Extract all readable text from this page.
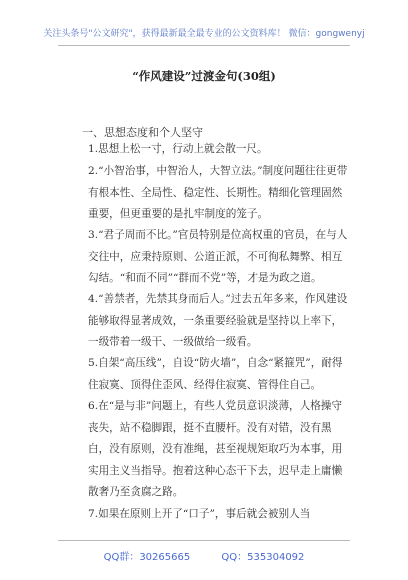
关注头条号"公文研究"，获得最新最全最专业的公文资料库！ 微信：gongwenyj
“作风建设”过渡金句(30组)
一、思想态度和个人坚守
1.思想上松一寸，行动上就会散一尺。
2.“小智治事，中智治人，大智立法。”制度问题往往更带有根本性、全局性、稳定性、长期性。精细化管理固然重要，但更重要的是扎牢制度的笼子。
3.“君子周而不比。”官员特别是位高权重的官员，在与人交往中，应秉持原则、公道正派，不可徇私舞弊、相互勾结。“和而不同”“群而不党”等，才是为政之道。
4.“善禁者，先禁其身而后人。”过去五年多来，作风建设能够取得显著成效，一条重要经验就是坚持以上率下，一级带着一级干、一级做给一级看。
5.自架“高压线”，自设“防火墙”，自念“紧箍咒”，耐得住寂寞、顶得住歪风、经得住寂寞、管得住自己。
6.在“是与非”问题上，有些人党员意识淡薄，人格操守丧失，站不稳脚跟，挺不直腰杆。没有对错，没有黑白，没有原则，没有准绳，甚至视规矩取巧为本事，用实用主义当指导。抱着这种心态干下去，迟早走上庸懒散奢乃至贪腐之路。
7.如果在原则上开了“口子”，事后就会被别人当
QQ群：30265665	QQ：535304092
